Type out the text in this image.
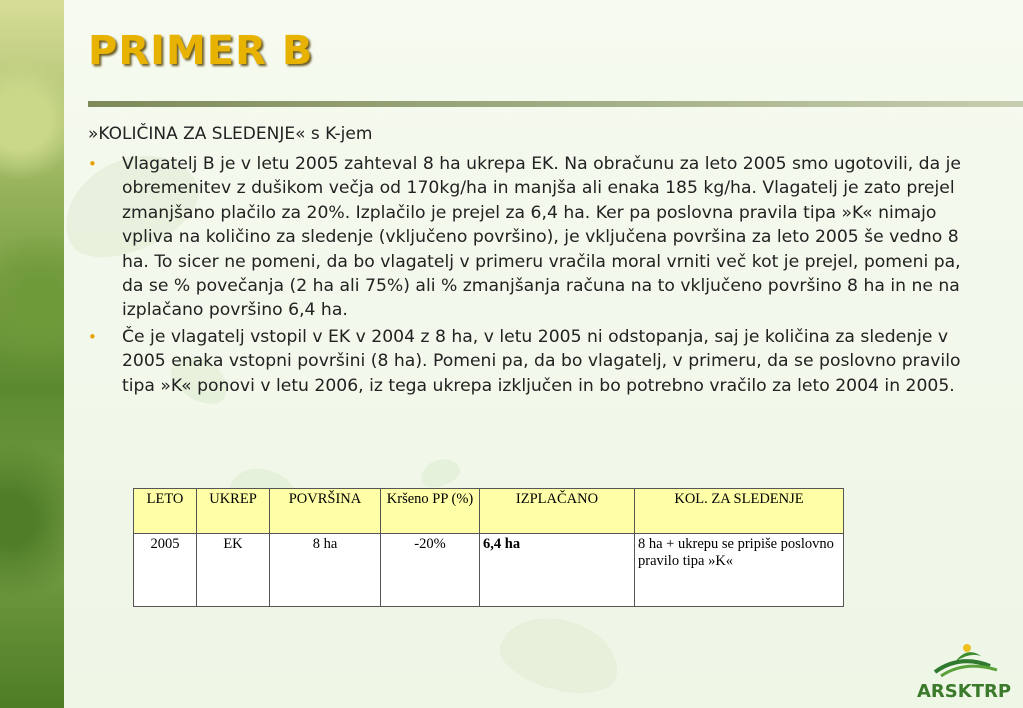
PRIMER B
»KOLIČINA ZA SLEDENJE« s K-jem
• Vlagatelj B je v letu 2005 zahteval 8 ha ukrepa EK. Na obračunu za leto 2005 smo ugotovili, da je obremenitev z dušikom večja od 170kg/ha in manjša ali enaka 185 kg/ha. Vlagatelj je zato prejel zmanjšano plačilo za 20%. Izplačilo je prejel za 6,4 ha. Ker pa poslovna pravila tipa »K« nimajo vpliva na količino za sledenje (vključeno površino), je vključena površina za leto 2005 še vedno 8 ha. To sicer ne pomeni, da bo vlagatelj v primeru vračila moral vrniti več kot je prejel, pomeni pa, da se % povečanja (2 ha ali 75%) ali % zmanjšanja računa na to vključeno površino 8 ha in ne na izplačano površino 6,4 ha.
• Če je vlagatelj vstopil v EK v 2004 z 8 ha, v letu 2005 ni odstopanja, saj je količina za sledenje v 2005 enaka vstopni površini (8 ha). Pomeni pa, da bo vlagatelj, v primeru, da se poslovno pravilo tipa »K« ponovi v letu 2006, iz tega ukrepa izključen in bo potrebno vračilo za leto 2004 in 2005.
LETO	UKREP	POVRŠINA	Kršeno PP (%)	IZPLAČANO	KOL. ZA SLEDENJE
2005	EK	8 ha	-20%	6,4 ha	8 ha + ukrepu se pripiše poslovno pravilo tipa »K«
ARSKTRP
